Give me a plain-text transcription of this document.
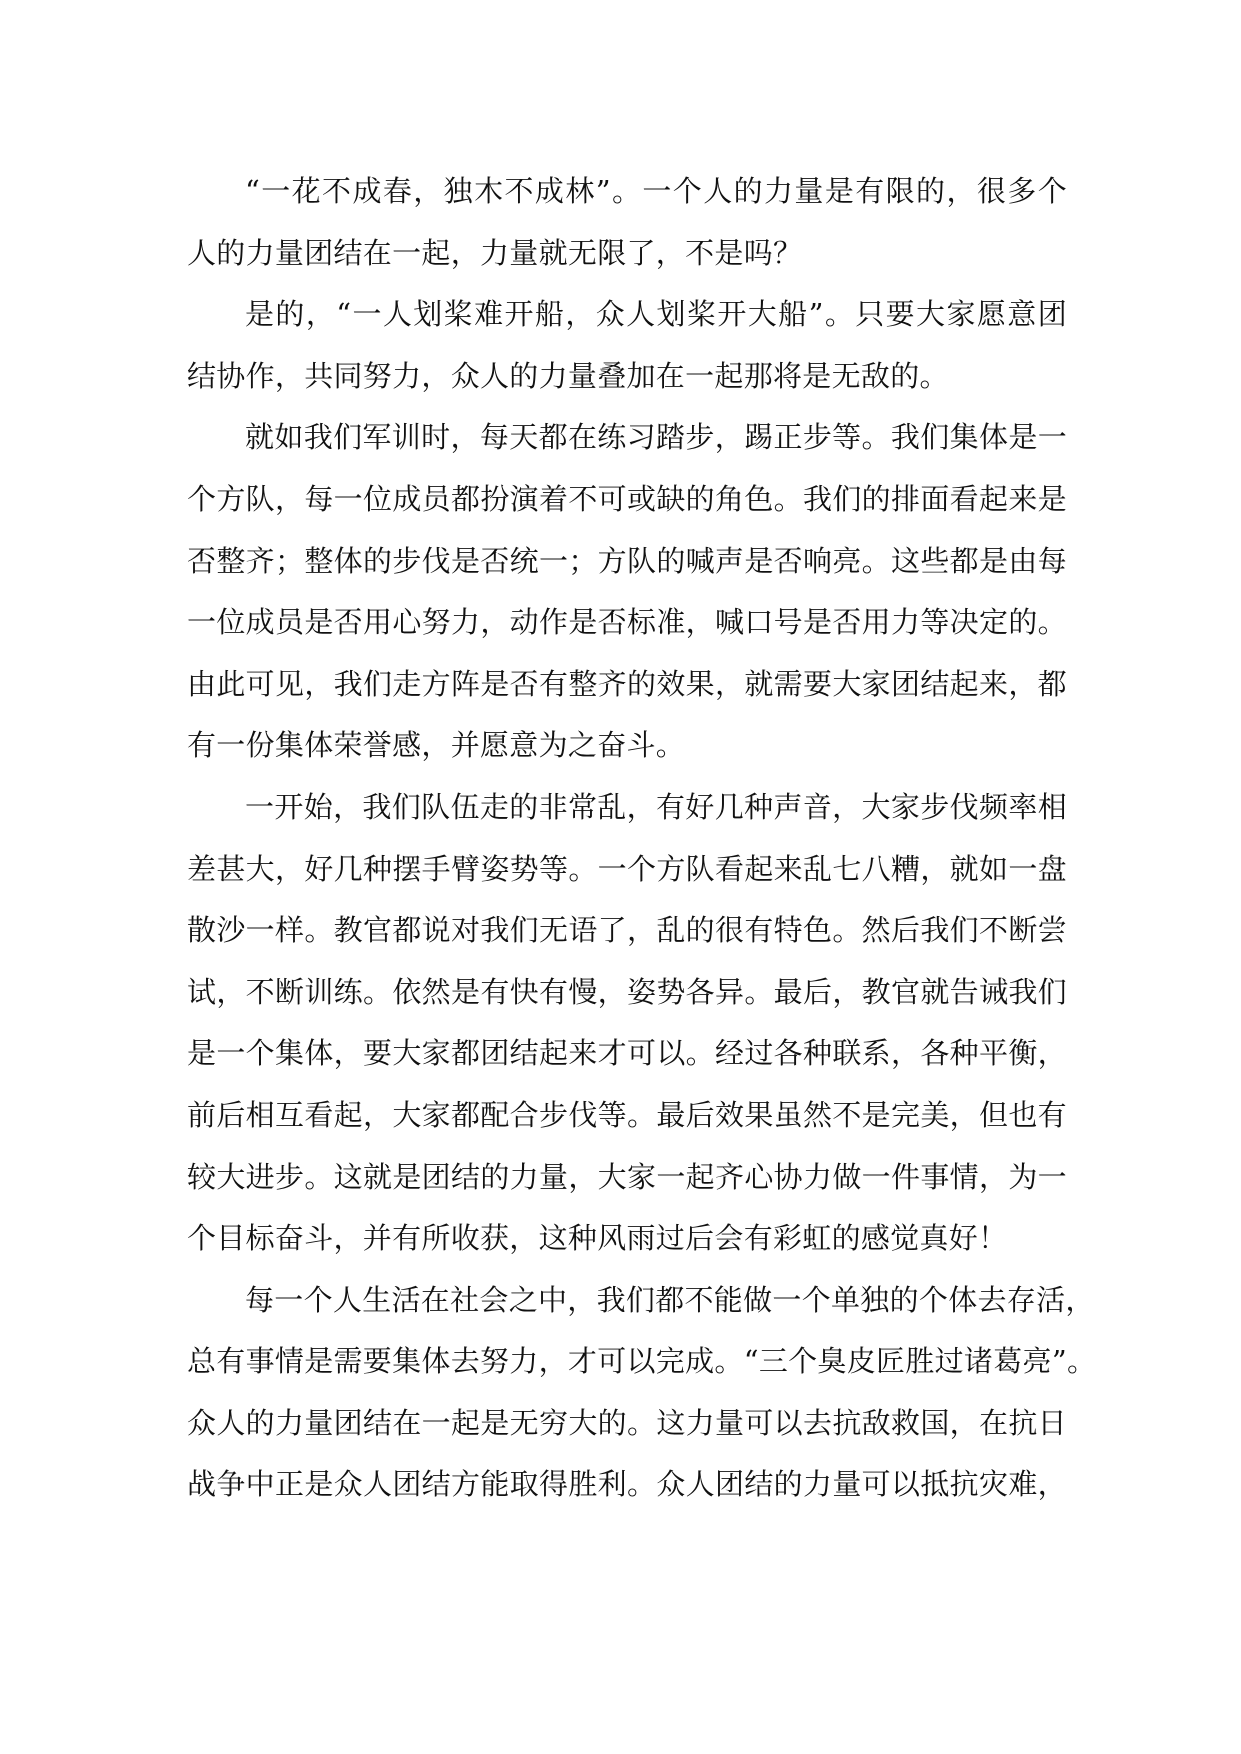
“一花不成春，独木不成林”。一个人的力量是有限的，很多个
人的力量团结在一起，力量就无限了，不是吗？
是的，“一人划桨难开船，众人划桨开大船”。只要大家愿意团
结协作，共同努力，众人的力量叠加在一起那将是无敌的。
就如我们军训时，每天都在练习踏步，踢正步等。我们集体是一
个方队，每一位成员都扮演着不可或缺的角色。我们的排面看起来是
否整齐；整体的步伐是否统一；方队的喊声是否响亮。这些都是由每
一位成员是否用心努力，动作是否标准，喊口号是否用力等决定的。
由此可见，我们走方阵是否有整齐的效果，就需要大家团结起来，都
有一份集体荣誉感，并愿意为之奋斗。
一开始，我们队伍走的非常乱，有好几种声音，大家步伐频率相
差甚大，好几种摆手臂姿势等。一个方队看起来乱七八糟，就如一盘
散沙一样。教官都说对我们无语了，乱的很有特色。然后我们不断尝
试，不断训练。依然是有快有慢，姿势各异。最后，教官就告诫我们
是一个集体，要大家都团结起来才可以。经过各种联系，各种平衡，
前后相互看起，大家都配合步伐等。最后效果虽然不是完美，但也有
较大进步。这就是团结的力量，大家一起齐心协力做一件事情，为一
个目标奋斗，并有所收获，这种风雨过后会有彩虹的感觉真好！
每一个人生活在社会之中，我们都不能做一个单独的个体去存活，
总有事情是需要集体去努力，才可以完成。“三个臭皮匠胜过诸葛亮”。
众人的力量团结在一起是无穷大的。这力量可以去抗敌救国，在抗日
战争中正是众人团结方能取得胜利。众人团结的力量可以抵抗灾难，
